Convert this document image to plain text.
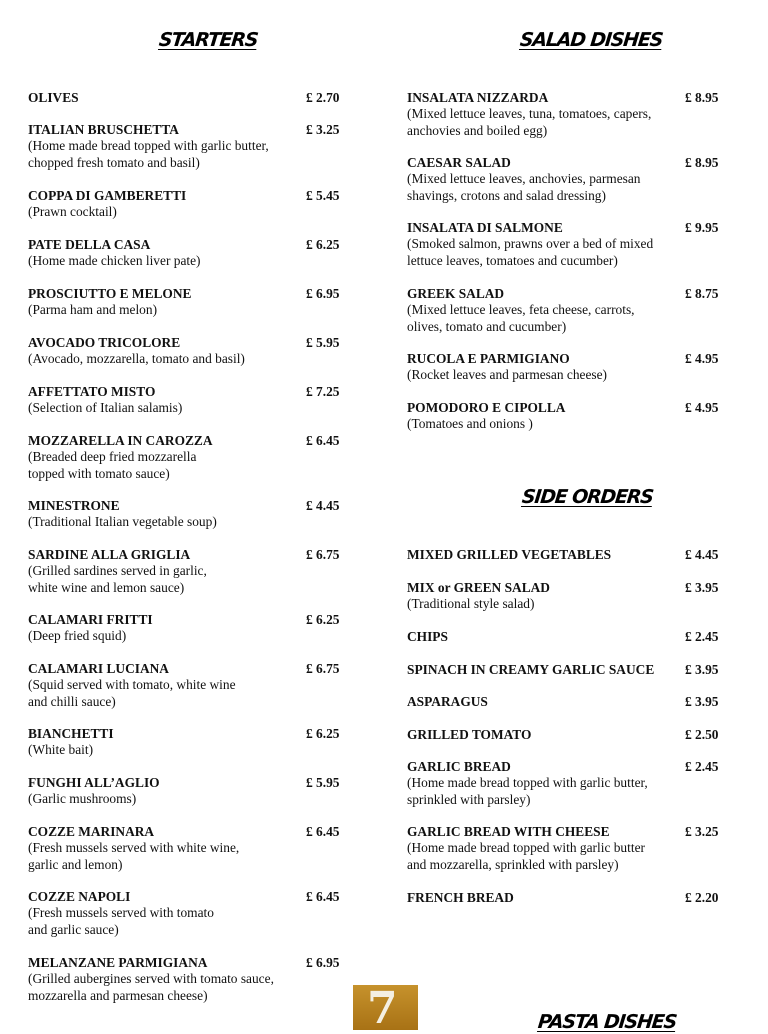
STARTERS	SALAD DISHES
SIDE ORDERS
PASTA DISHES
OLIVES	£ 2.70
ITALIAN BRUSCHETTA	£ 3.25
(Home made bread topped with garlic butter,
chopped fresh tomato and basil)
COPPA DI GAMBERETTI	£ 5.45
(Prawn cocktail)
PATE DELLA CASA	£ 6.25
(Home made chicken liver pate)
PROSCIUTTO E MELONE	£ 6.95
(Parma ham and melon)
AVOCADO TRICOLORE	£ 5.95
(Avocado, mozzarella, tomato and basil)
AFFETTATO MISTO	£ 7.25
(Selection of Italian salamis)
MOZZARELLA IN CAROZZA	£ 6.45
(Breaded deep fried mozzarella
topped with tomato sauce)
MINESTRONE	£ 4.45
(Traditional Italian vegetable soup)
SARDINE ALLA GRIGLIA	£ 6.75
(Grilled sardines served in garlic,
white wine and lemon sauce)
CALAMARI FRITTI	£ 6.25
(Deep fried squid)
CALAMARI LUCIANA	£ 6.75
(Squid served with tomato, white wine
and chilli sauce)
BIANCHETTI	£ 6.25
(White bait)
FUNGHI ALL’AGLIO	£ 5.95
(Garlic mushrooms)
COZZE MARINARA	£ 6.45
(Fresh mussels served with white wine,
garlic and lemon)
COZZE NAPOLI	£ 6.45
(Fresh mussels served with tomato
and garlic sauce)
MELANZANE PARMIGIANA	£ 6.95
(Grilled aubergines served with tomato sauce,
mozzarella and parmesan cheese)
INSALATA NIZZARDA	£ 8.95
(Mixed lettuce leaves, tuna, tomatoes, capers,
anchovies and boiled egg)
CAESAR SALAD	£ 8.95
(Mixed lettuce leaves, anchovies, parmesan
shavings, crotons and salad dressing)
INSALATA DI SALMONE	£ 9.95
(Smoked salmon, prawns over a bed of mixed
lettuce leaves, tomatoes and cucumber)
GREEK SALAD	£ 8.75
(Mixed lettuce leaves, feta cheese, carrots,
olives, tomato and cucumber)
RUCOLA E PARMIGIANO	£ 4.95
(Rocket leaves and parmesan cheese)
POMODORO E CIPOLLA	£ 4.95
(Tomatoes and onions )
MIXED GRILLED VEGETABLES	£ 4.45
MIX or GREEN SALAD	£ 3.95
(Traditional style salad)
CHIPS	£ 2.45
SPINACH IN CREAMY GARLIC SAUCE £ 3.95
ASPARAGUS	£ 3.95
GRILLED TOMATO	£ 2.50
GARLIC BREAD	£ 2.45
(Home made bread topped with garlic butter,
sprinkled with parsley)
GARLIC BREAD WITH CHEESE	£ 3.25
(Home made bread topped with garlic butter
and mozzarella, sprinkled with parsley)
FRENCH BREAD	£ 2.20
7
